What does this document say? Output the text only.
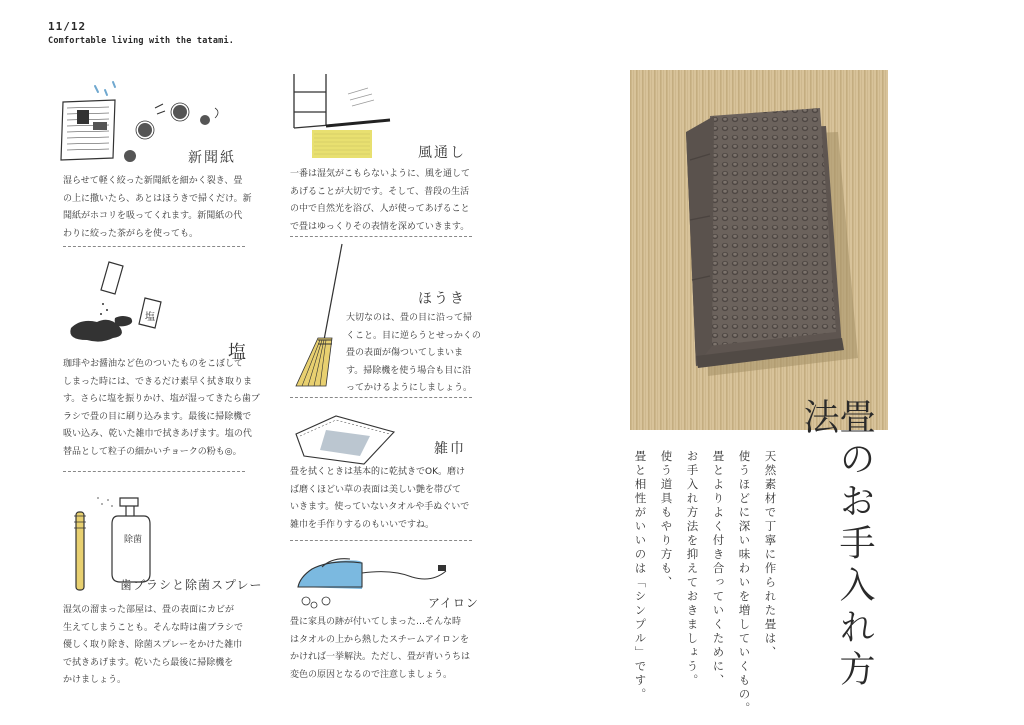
11/12
Comfortable living with the tatami.
新聞紙
湿らせて軽く絞った新聞紙を細かく裂き、畳
の上に撒いたら、あとはほうきで掃くだけ。新
聞紙がホコリを吸ってくれます。新聞紙の代
わりに絞った茶がらを使っても。
塩
塩
珈琲やお醤油など色のついたものをこぼして
しまった時には、できるだけ素早く拭き取りま
す。さらに塩を振りかけ、塩が湿ってきたら歯ブ
ラシで畳の目に刷り込みます。最後に掃除機で
吸い込み、乾いた雑巾で拭きあげます。塩の代
替品として粒子の細かいチョークの粉も◎。
除菌
歯ブラシと除菌スプレー
湿気の溜まった部屋は、畳の表面にカビが
生えてしまうことも。そんな時は歯ブラシで
優しく取り除き、除菌スプレーをかけた雑巾
で拭きあげます。乾いたら最後に掃除機を
かけましょう。
風通し
一番は湿気がこもらないように、風を通して
あげることが大切です。そして、普段の生活
の中で自然光を浴び、人が使ってあげること
で畳はゆっくりその表情を深めていきます。
ほうき
大切なのは、畳の目に沿って掃
くこと。目に逆らうとせっかくの
畳の表面が傷ついてしまいま
す。掃除機を使う場合も目に沿
ってかけるようにしましょう。
雑巾
畳を拭くときは基本的に乾拭きでOK。磨け
ば磨くほどい草の表面は美しい艶を帯びて
いきます。使っていないタオルや手ぬぐいで
雑巾を手作りするのもいいですね。
アイロン
畳に家具の跡が付いてしまった…そんな時
はタオルの上から熱したスチームアイロンを
かければ一挙解決。ただし、畳が青いうちは
変色の原因となるので注意しましょう。	畳のお手入れ方法
天然素材で丁寧に作られた畳は、
使うほどに深い味わいを増していくもの。
畳とよりよく付き合っていくために、
お手入れ方法を抑えておきましょう。
使う道具もやり方も、
畳と相性がいいのは「シンプル」です。
